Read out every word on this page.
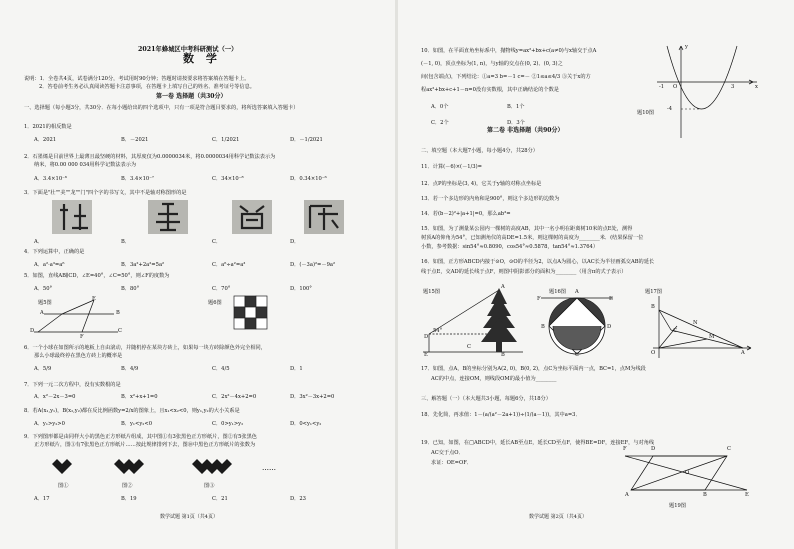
2021年蜂城区中考科研测试（一）
数 学
说明：1．全卷共4页，试卷满分120分，考试用时90分钟；答题时请按要求将答案填在答题卡上。
2．答卷前考生务必认真阅读答题卡注意事项，在答题卡上填写自己的姓名、准考证号等信息。
第一卷 选择题（共30分）
一、选择题（每小题3分，共30分．在每小题给出的四个选项中，只有一项是符合题目要求的，将所选答案填入答题卡）
1．2021的相反数是
A．2021	B．－2021	C．1/2021	D．－1/2021
2．石墨烯是目前世界上最薄且最坚硬的材料，其厚度仅为0.0000034米，将0.0000034用科学记数法表示为
纳米，将0.00 000 034用科学记数法表示为
A．3.4×10⁻⁶	B．3.4×10⁻⁷	C．34×10⁻⁸	D．0.34×10⁻⁶
3．下面是"壮""美""龙""门"四个字的书写文，其中不是轴对称图形的是
A．	B．	C．	D．
4．下列运算中，正确的是
A．a²·a³=a⁶	B．3a²+2a²=5a²	C．a⁶÷a²=a³	D．(－3a)²=－9a²
5．如图，直线AB∥CD，∠E=40°，∠C=50°，则∠F的度数为
A．50°	B．80°	C．70°	D．100°
题5图
E
A	B
D
F
C
题6图
6．一个小球在如图所示的地板上自由滚动，并随机停在某块方砖上，如果每一块方砖除颜色外完全相同，
那么小球最终停在黑色方砖上的概率是
A．5/9	B．4/9	C．4/5	D．1
7．下列一元二次方程中，没有实数根的是
A．x²－2x－3=0	B．x²+x+1=0	C．2x²－4x+2=0	D．3x²－3x+2=0
8．若A(x₁,y₁)，B(x₂,y₂)都在反比例函数y=2/x的图象上，且x₁<x₂<0，则y₁,y₂的大小关系是
A．y₁>y₂>0	B．y₁<y₂<0	C．0>y₁>y₂	D．0<y₁<y₂
9．下列图形都是由同样大小的黑色正方形纸片组成，其中图①有3张黑色正方形纸片，图②有5张黑色
正方形纸片，图③有7张黑色正方形纸片……按此规律排列下去，图⑩中黑色正方形纸片的张数为
……
图①	图②	图③
A．17	B．19	C．21	D．23
数学试题 第1页（共4页）
10．如图，在平面直角坐标系中，抛物线y=ax²+bx+c(a≠0)与x轴交于点A
(－1, 0)，顶点坐标为(1, n)，与y轴的交点在(0, 2)、(0, 3)之
间(包含端点)，下列结论：①a=3 b=－1 c=－ ②1≤a≤4/3 ③关于x的方
程ax²+bx+c+1－n=0没有实数根，其中正确结论的个数是
A．0个	B．1个
C．2个	D．3个
y
x
O
-1	3
-4
题10图
第二卷 非选择题（共90分）
二、填空题（本大题7小题，每小题4分，共28分）
11．计算(－6)×(－1/3)=
12．点P的坐标是(3, 4)，它关于y轴的对称点坐标是
13．若一个多边形的内角和是900°，则这个多边形的边数为
14．若(b－2)²+|a+1|=0，那么ab³=
15．如图，为了测量某公园内一棵树的高度AB，其中一名小明在距离树10米的点E处，测得
树顶A的仰角为54°，已知测角仪的高DE=1.5米，则这棵树的高度为________米．(结果保留一位
小数，参考数据：sin54°≈0.8090，cos54°≈0.5878，tan54°≈1.3764）
16．如图，正方形ABCD内接于⊙O，⊙O的半径为2，以点A为圆心，以AC长为半径画弧交AB的延长
线于点E，交AD的延长线于点F，则图中阴影部分的面积为________（用含π的式子表示）
题15图
A
54°
D
E	B
C
题16图
F
A
B
E
C
D
题17图
B
M
C
O	A
N
17．如图，点A，B的坐标分别为A(2, 0)，B(0, 2)，点C为坐标平面内一点，BC=1，点M为线段
AC的中点，连接OM，则线段OM的最小值为________
三、解答题（一）（本大题共3小题，每题6分，共18分）
18．先化简，再求值：1－(a/(a²－2a+1))÷(1/(a－1))，其中a=3．
19．已知，如图，在□ABCD中，延长AB至点E，延长CD至点F，使得BE=DF，连接EF，与对角线
AC交于点O．
求证：OE=OF．
F	D	C
A	B	E
O
题19图
数学试题 第2页（共4页）
